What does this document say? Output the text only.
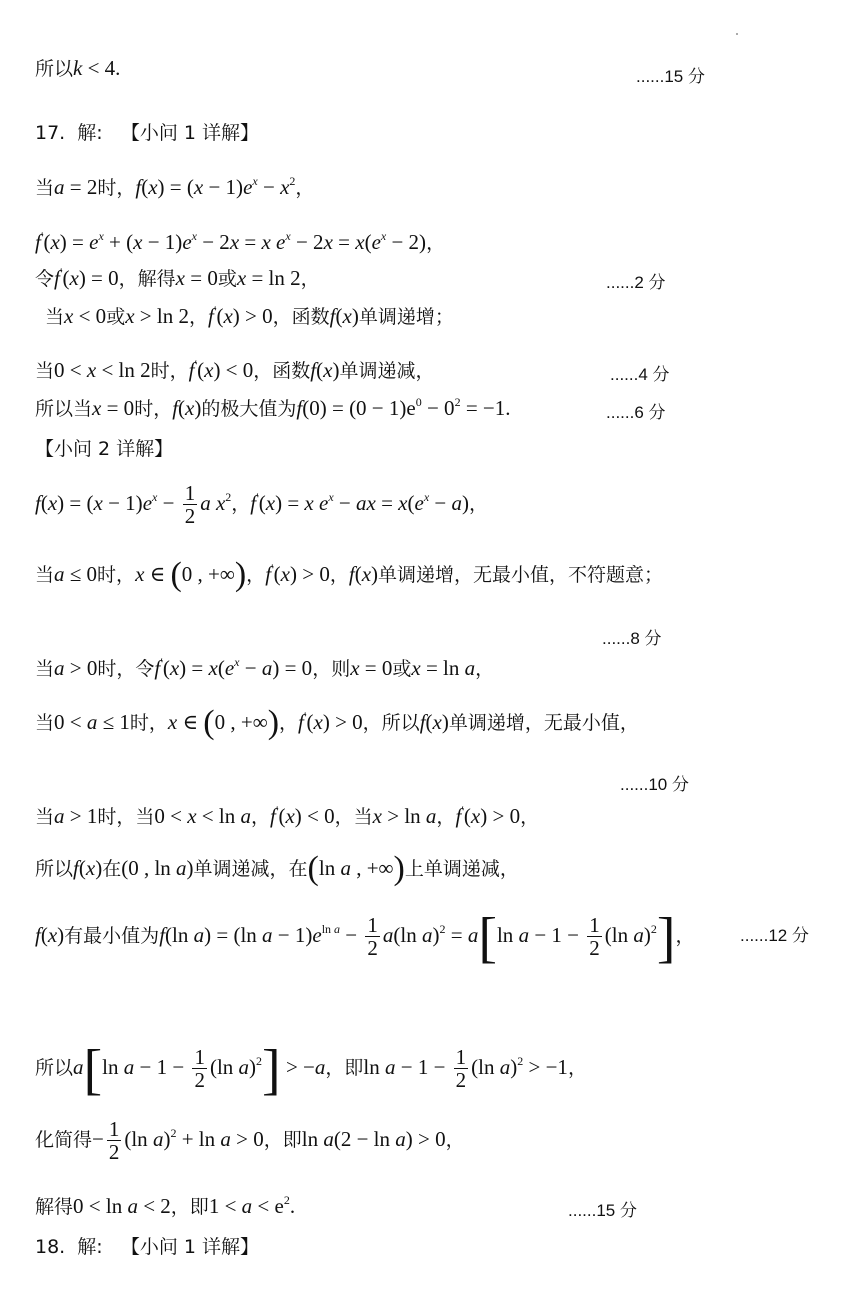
所以k < 4.	......15 分
17.  解:   【小问 1 详解】
当a = 2时，$f(x) = (x - 1)e^x - x^2$，
$f'(x) = e^x + (x - 1)e^x - 2x = x$ $e^x - 2x = x(e^x - 2)$，
令f′(x) = 0，解得x = 0或x = ln 2，	......2 分
当x < 0或x > ln 2，f′(x) > 0，函数f(x)单调递增；
当0 < x < ln 2时，f′(x) < 0，函数f(x)单调递减，	......4 分
所以当x = 0时，f(x)的极大值为$f(0) = (0 - 1)e^0 - 0^2 = -1$.	......6 分
【小问 2 详解】
$f(x) = (x - 1)e^x - \frac{1}{2}$ a $x^2$，f′(x) = x $e^x$ − ax = $x(e^x - a)$，
当a ≤ 0时，x ∈ (0 , +∞)，f′(x) > 0，f(x)单调递增，无最小值，不符题意；
......8 分
当a > 0时，令$f'(x) = x(e^x - a) = 0$，则x = 0或x = ln a，
当0 < a ≤ 1时，x ∈ (0 , +∞)，f′(x) > 0，所以f(x)单调递增，无最小值，
......10 分
当a > 1时，当0 < x < ln a，f′(x) < 0，当x > ln a，f′(x) > 0，
所以f(x)在(0 , ln a)单调递减，在(ln a , +∞)上单调递减，
f(x)有最小值为f(ln a) = (ln $a - 1)e^{ln a} - \frac{1}{2} a(\ln$ a)$^2$ = a[ln $a - 1 - \frac{1}{2} (\ln$ a)$^2$]，	......12 分
所以a[ln $a - 1 - \frac{1}{2} (\ln$ a)$^2$] > −a，即$\ln a - 1 - \frac{1}{2} (\ln$ a)$^2$ > −1，
化简得− $\frac{1}{2} (\ln$ a)$^2$ + ln a > 0，即ln a(2 − ln a) > 0，
解得0 < ln a < 2，即$1 < a < e^2$.	......15 分
18.  解:   【小问 1 详解】
